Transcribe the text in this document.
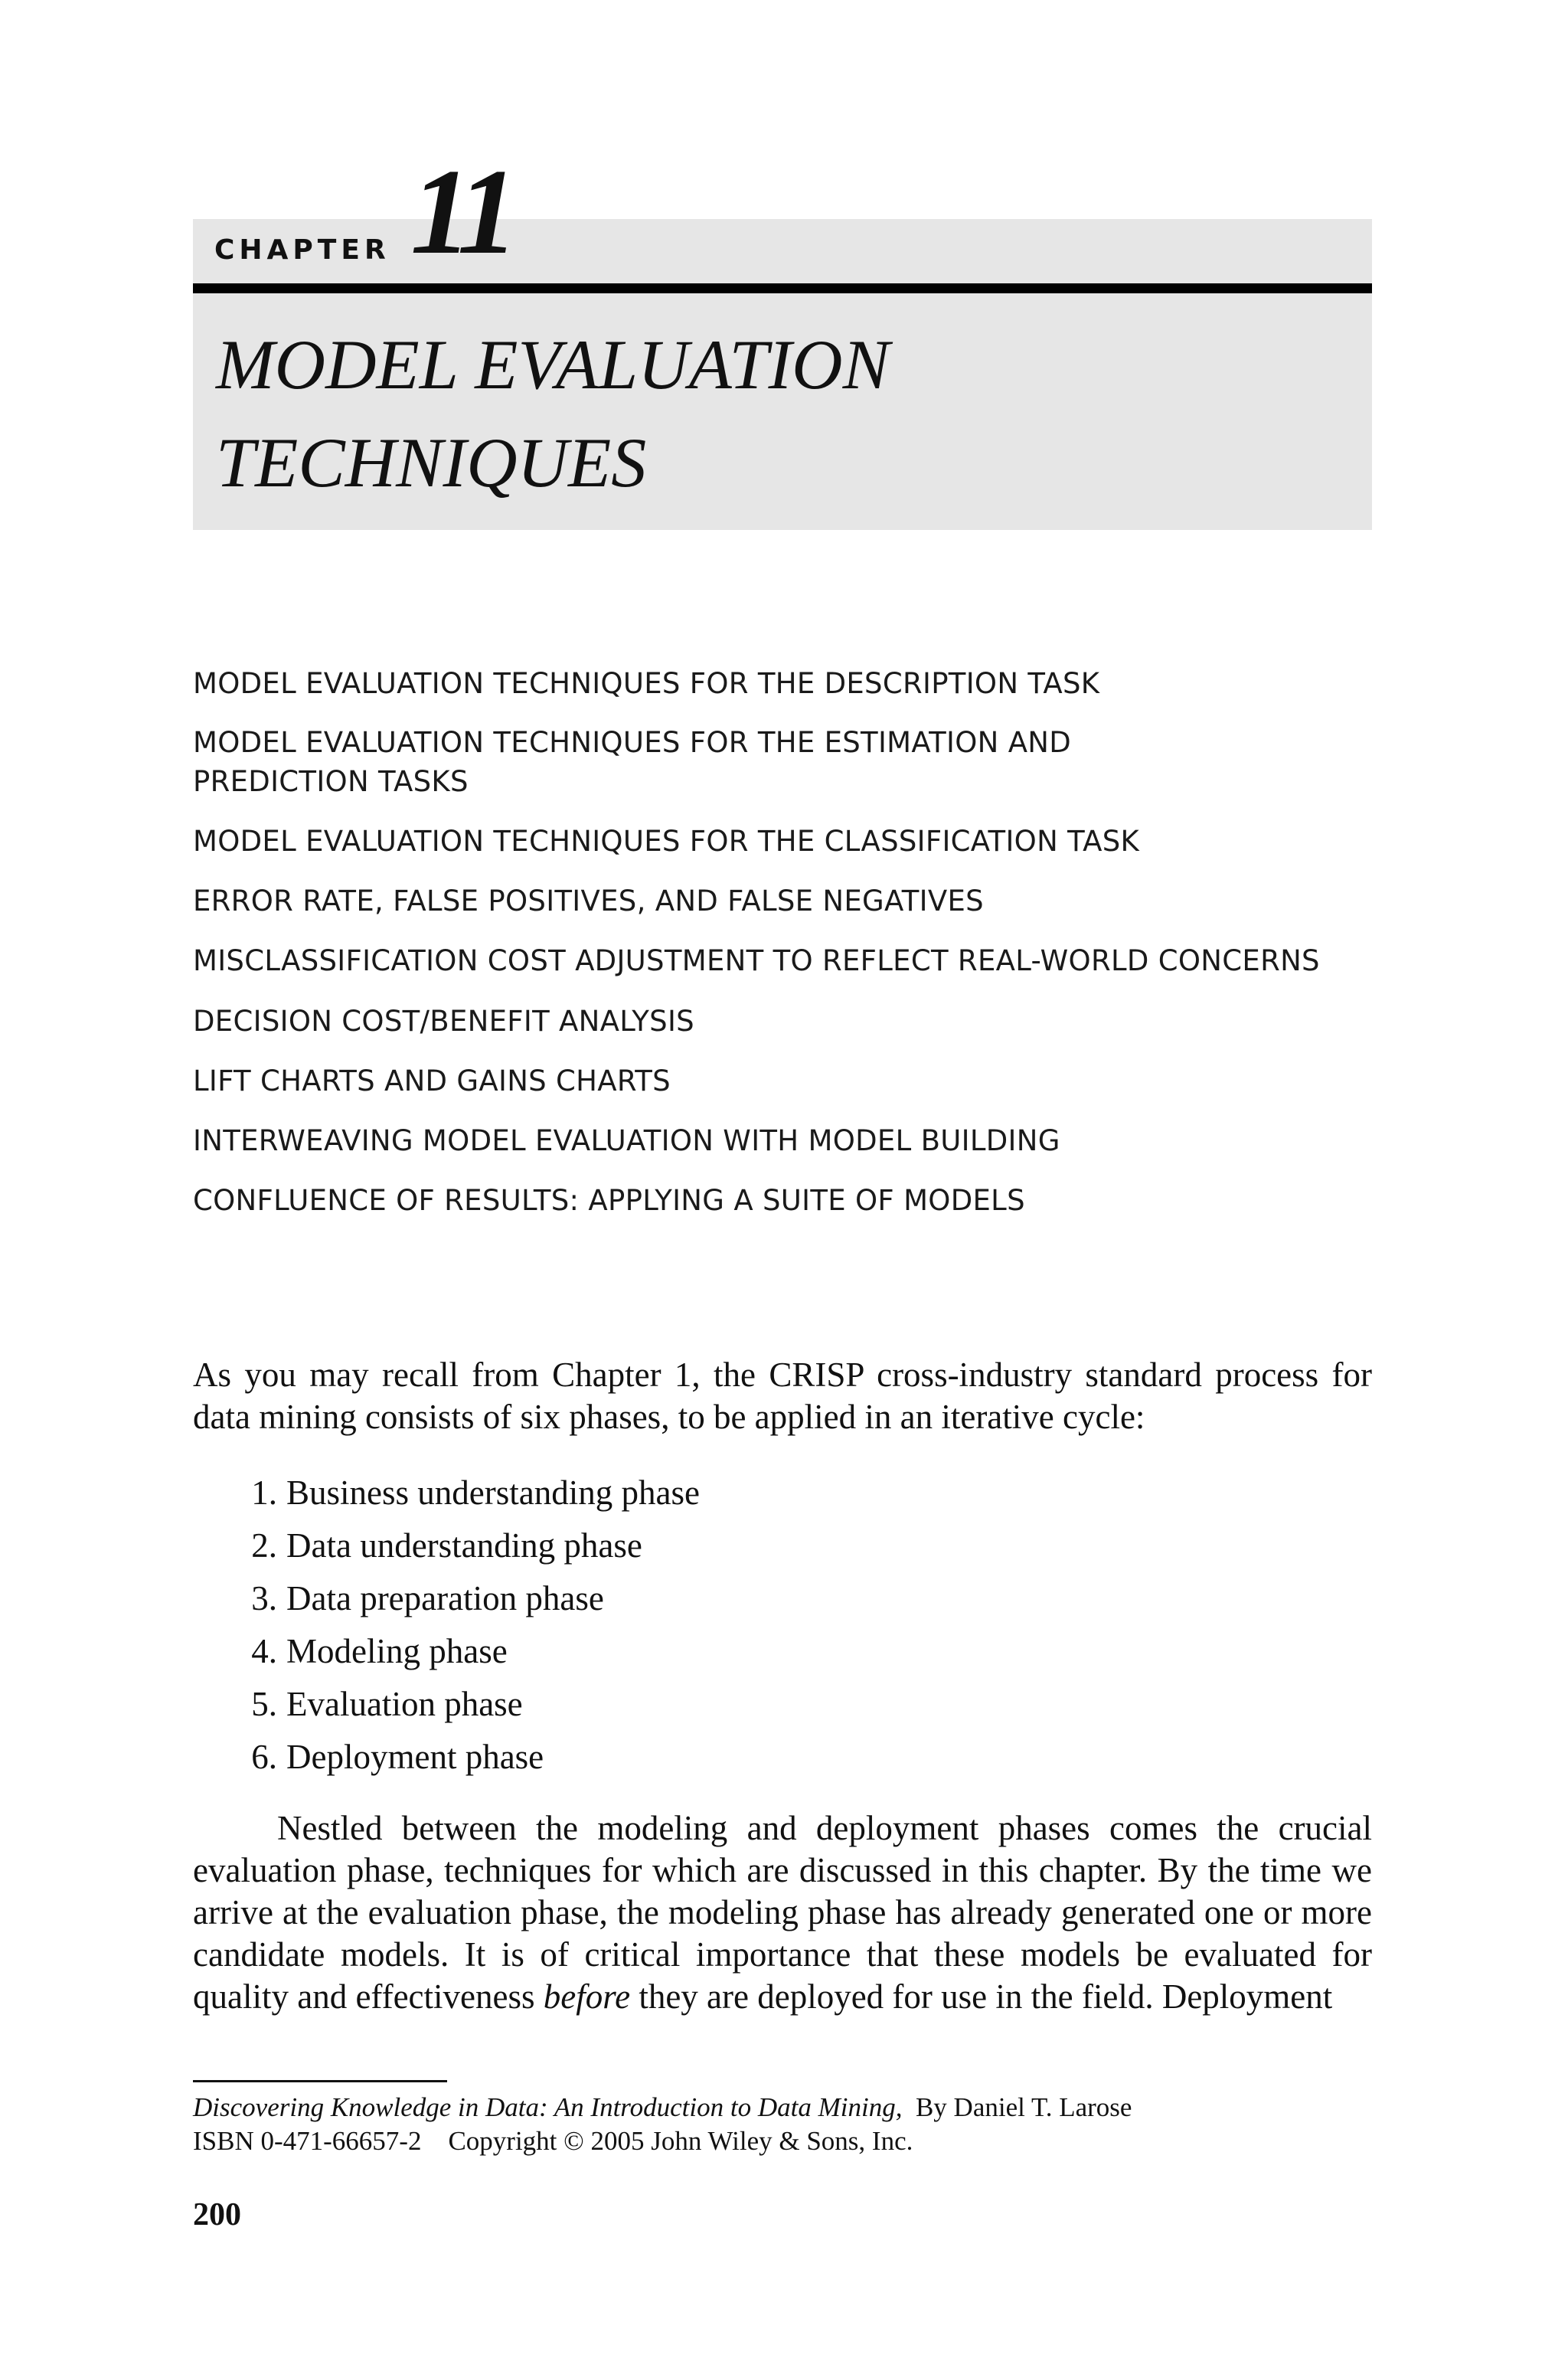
CHAPTER 11
MODEL EVALUATION
TECHNIQUES
MODEL EVALUATION TECHNIQUES FOR THE DESCRIPTION TASK
MODEL EVALUATION TECHNIQUES FOR THE ESTIMATION AND
PREDICTION TASKS
MODEL EVALUATION TECHNIQUES FOR THE CLASSIFICATION TASK
ERROR RATE, FALSE POSITIVES, AND FALSE NEGATIVES
MISCLASSIFICATION COST ADJUSTMENT TO REFLECT REAL-WORLD CONCERNS
DECISION COST/BENEFIT ANALYSIS
LIFT CHARTS AND GAINS CHARTS
INTERWEAVING MODEL EVALUATION WITH MODEL BUILDING
CONFLUENCE OF RESULTS: APPLYING A SUITE OF MODELS
As you may recall from Chapter 1, the CRISP cross-industry standard process for data mining consists of six phases, to be applied in an iterative cycle:
1. Business understanding phase
2. Data understanding phase
3. Data preparation phase
4. Modeling phase
5. Evaluation phase
6. Deployment phase
Nestled between the modeling and deployment phases comes the crucial evaluation phase, techniques for which are discussed in this chapter. By the time we arrive at the evaluation phase, the modeling phase has already generated one or more candidate models. It is of critical importance that these models be evaluated for quality and effectiveness before they are deployed for use in the field. Deployment
Discovering Knowledge in Data: An Introduction to Data Mining, By Daniel T. Larose
ISBN 0-471-66657-2    Copyright © 2005 John Wiley & Sons, Inc.
200
